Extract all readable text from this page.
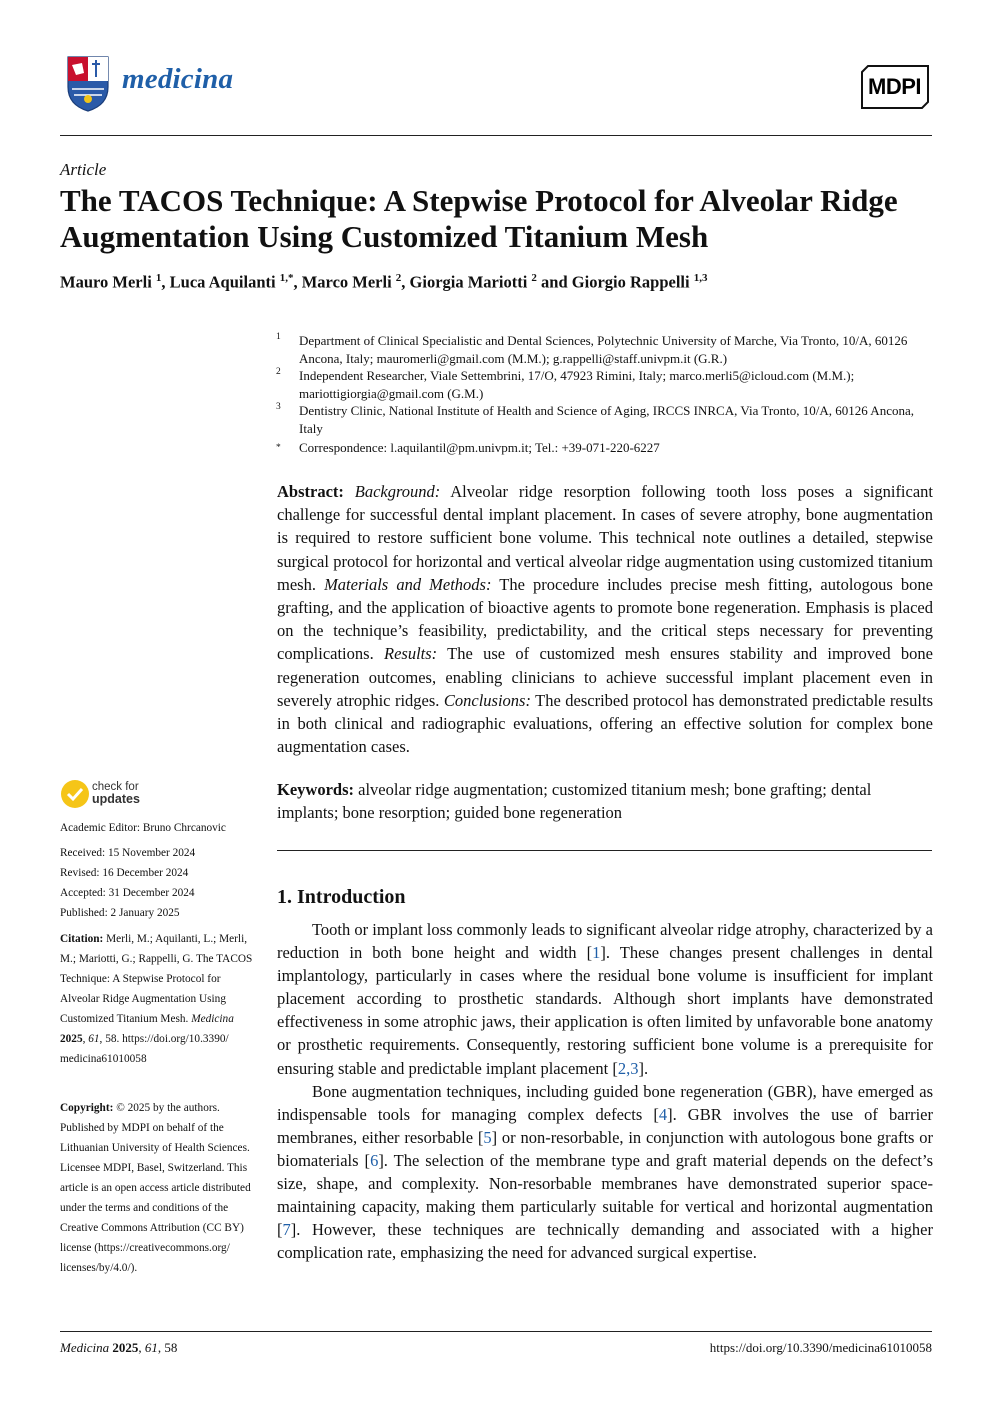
medicina	MDPI
Article
The TACOS Technique: A Stepwise Protocol for Alveolar Ridge Augmentation Using Customized Titanium Mesh
Mauro Merli $^1$, Luca Aquilanti $^{1,*}$, Marco Merli $^2$, Giorgia Mariotti $^2$ and Giorgio Rappelli $^{1,3}$
1 Department of Clinical Specialistic and Dental Sciences, Polytechnic University of Marche, Via Tronto, 10/A, 60126 Ancona, Italy; mauromerli@gmail.com (M.M.); g.rappelli@staff.univpm.it (G.R.)
2 Independent Researcher, Viale Settembrini, 17/O, 47923 Rimini, Italy; marco.merli5@icloud.com (M.M.); mariottigiorgia@gmail.com (G.M.)
3 Dentistry Clinic, National Institute of Health and Science of Aging, IRCCS INRCA, Via Tronto, 10/A, 60126 Ancona, Italy
* Correspondence: l.aquilantil@pm.univpm.it; Tel.: +39-071-220-6227
Abstract: Background: Alveolar ridge resorption following tooth loss poses a significant challenge for successful dental implant placement. In cases of severe atrophy, bone augmentation is required to restore sufficient bone volume. This technical note outlines a detailed, stepwise surgical protocol for horizontal and vertical alveolar ridge augmentation using customized titanium mesh. Materials and Methods: The procedure includes precise mesh fitting, autologous bone grafting, and the application of bioactive agents to promote bone regeneration. Emphasis is placed on the technique’s feasibility, predictability, and the critical steps necessary for preventing complications. Results: The use of customized mesh ensures stability and improved bone regeneration outcomes, enabling clinicians to achieve successful implant placement even in severely atrophic ridges. Conclusions: The described protocol has demonstrated predictable results in both clinical and radiographic evaluations, offering an effective solution for complex bone augmentation cases.
Keywords: alveolar ridge augmentation; customized titanium mesh; bone grafting; dental implants; bone resorption; guided bone regeneration
1. Introduction

Tooth or implant loss commonly leads to significant alveolar ridge atrophy, characterized by a reduction in both bone height and width [1]. These changes present challenges in dental implantology, particularly in cases where the residual bone volume is insufficient for implant placement according to prosthetic standards. Although short implants have demonstrated effectiveness in some atrophic jaws, their application is often limited by unfavorable bone anatomy or prosthetic requirements. Consequently, restoring sufficient bone volume is a prerequisite for ensuring stable and predictable implant placement [2,3].

Bone augmentation techniques, including guided bone regeneration (GBR), have emerged as indispensable tools for managing complex defects [4]. GBR involves the use of barrier membranes, either resorbable [5] or non-resorbable, in conjunction with autologous bone grafts or biomaterials [6]. The selection of the membrane type and graft material depends on the defect’s size, shape, and complexity. Non-resorbable membranes have demonstrated superior space-maintaining capacity, making them particularly suitable for vertical and horizontal augmentation [7]. However, these techniques are technically demanding and associated with a higher complication rate, emphasizing the need for advanced surgical expertise.

check for
updates
Academic Editor: Bruno Chrcanovic
Received: 15 November 2024
Revised: 16 December 2024
Accepted: 31 December 2024
Published: 2 January 2025
Citation: Merli, M.; Aquilanti, L.; Merli, M.; Mariotti, G.; Rappelli, G. The TACOS Technique: A Stepwise Protocol for Alveolar Ridge Augmentation Using Customized Titanium Mesh. Medicina 2025, 61, 58. https://doi.org/10.3390/ medicina61010058
Copyright: © 2025 by the authors. Published by MDPI on behalf of the Lithuanian University of Health Sciences. Licensee MDPI, Basel, Switzerland. This article is an open access article distributed under the terms and conditions of the Creative Commons Attribution (CC BY) license (https://creativecommons.org/ licenses/by/4.0/).
Medicina 2025, 61, 58	https://doi.org/10.3390/medicina61010058
